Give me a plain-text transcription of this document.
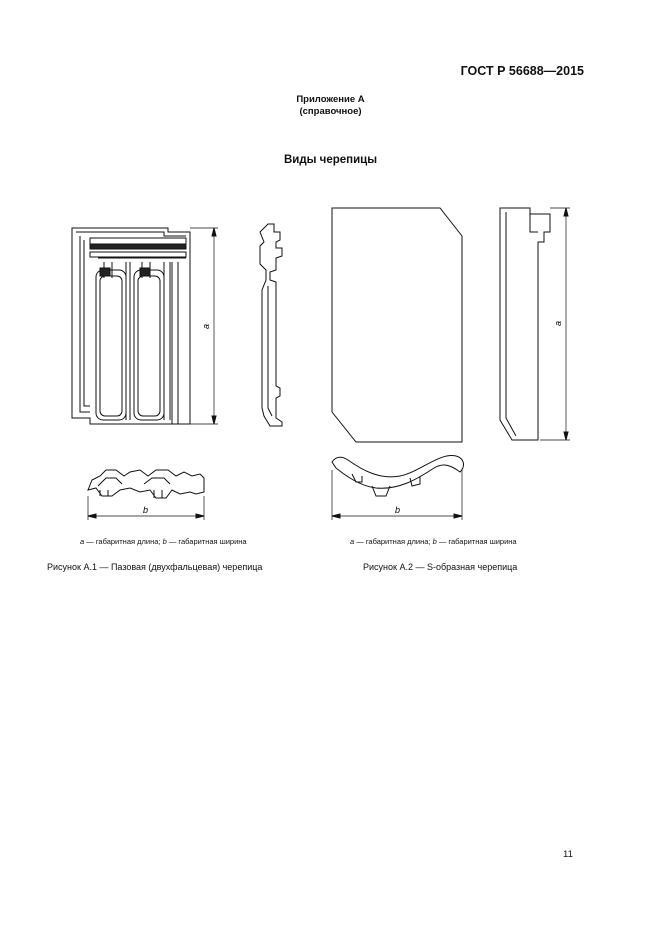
ГОСТ Р 56688—2015
Приложение А
(справочное)
Виды черепицы
a
b
a
b
a — габаритная длина; b — габаритная ширина	a — габаритная длина; b — габаритная ширина
Рисунок А.1 — Пазовая (двухфальцевая) черепица	Рисунок А.2 — S-образная черепица
11
